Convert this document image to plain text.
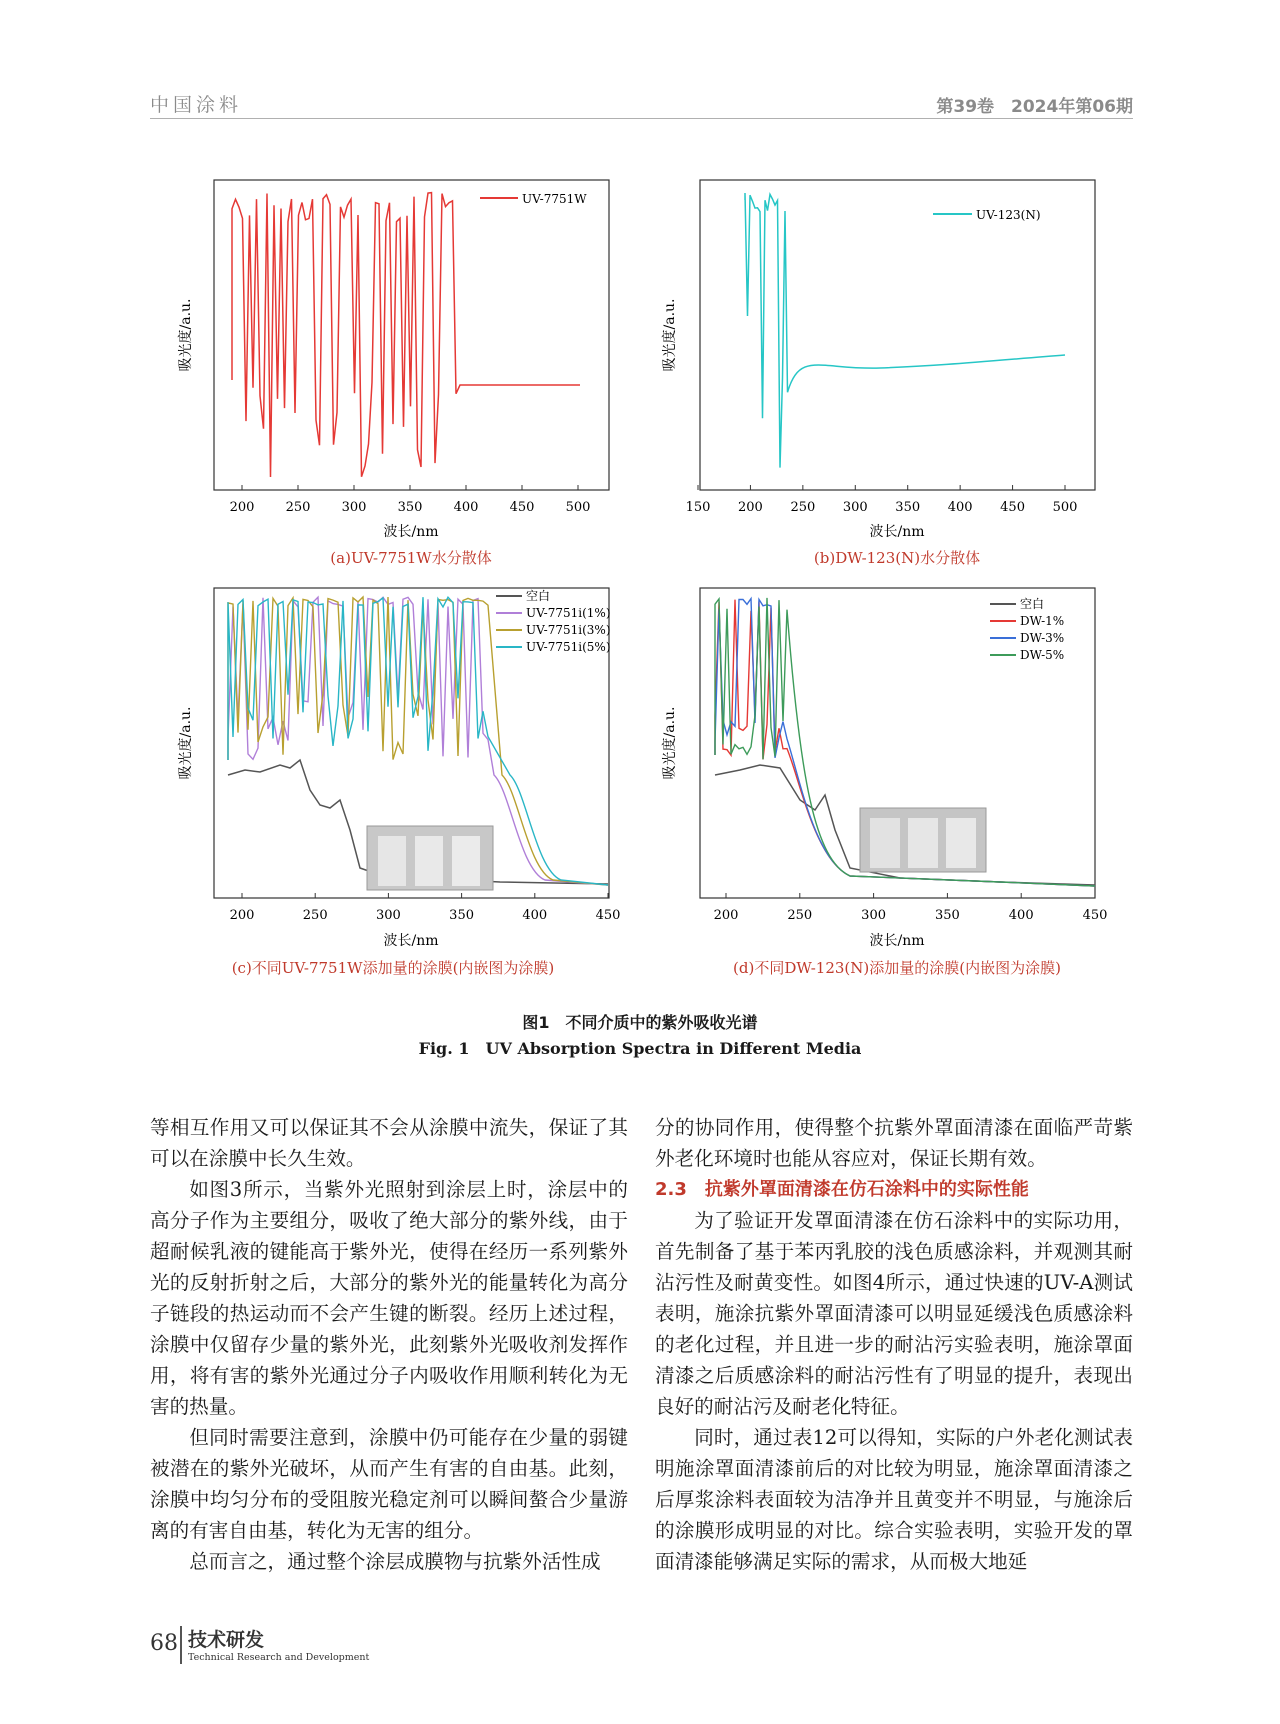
中国涂料	第39卷　2024年第06期
200 250 300 350 400 450 500
UV-7751W
吸光度/a.u.
波长/nm
(a)UV-7751W水分散体
150 200 250 300 350 400 450 500
UV-123(N)
吸光度/a.u.
波长/nm
(b)DW-123(N)水分散体
200	250	300	350	400	450
空白
UV-7751i(1%)
UV-7751i(3%)
UV-7751i(5%)
吸光度/a.u.
波长/nm
(c)不同UV-7751W添加量的涂膜(内嵌图为涂膜)
200	250	300	350	400	450
空白
DW-1%
DW-3%
DW-5%
吸光度/a.u.
波长/nm
(d)不同DW-123(N)添加量的涂膜(内嵌图为涂膜)
图1　不同介质中的紫外吸收光谱
Fig. 1　UV Absorption Spectra in Different Media

等相互作用又可以保证其不会从涂膜中流失，保证了其可以在涂膜中长久生效。

如图3所示，当紫外光照射到涂层上时，涂层中的高分子作为主要组分，吸收了绝大部分的紫外线，由于超耐候乳液的键能高于紫外光，使得在经历一系列紫外光的反射折射之后，大部分的紫外光的能量转化为高分子链段的热运动而不会产生键的断裂。经历上述过程，涂膜中仅留存少量的紫外光，此刻紫外光吸收剂发挥作用，将有害的紫外光通过分子内吸收作用顺利转化为无害的热量。

但同时需要注意到，涂膜中仍可能存在少量的弱键被潜在的紫外光破坏，从而产生有害的自由基。此刻，涂膜中均匀分布的受阻胺光稳定剂可以瞬间螯合少量游离的有害自由基，转化为无害的组分。

总而言之，通过整个涂层成膜物与抗紫外活性成

分的协同作用，使得整个抗紫外罩面清漆在面临严苛紫外老化环境时也能从容应对，保证长期有效。

2.3　抗紫外罩面清漆在仿石涂料中的实际性能

为了验证开发罩面清漆在仿石涂料中的实际功用，首先制备了基于苯丙乳胶的浅色质感涂料，并观测其耐沾污性及耐黄变性。如图4所示，通过快速的UV-A测试表明，施涂抗紫外罩面清漆可以明显延缓浅色质感涂料的老化过程，并且进一步的耐沾污实验表明，施涂罩面清漆之后质感涂料的耐沾污性有了明显的提升，表现出良好的耐沾污及耐老化特征。

同时，通过表12可以得知，实际的户外老化测试表明施涂罩面清漆前后的对比较为明显，施涂罩面清漆之后厚浆涂料表面较为洁净并且黄变并不明显，与施涂后的涂膜形成明显的对比。综合实验表明，实验开发的罩面清漆能够满足实际的需求，从而极大地延

68 技术研发
Technical Research and Development
